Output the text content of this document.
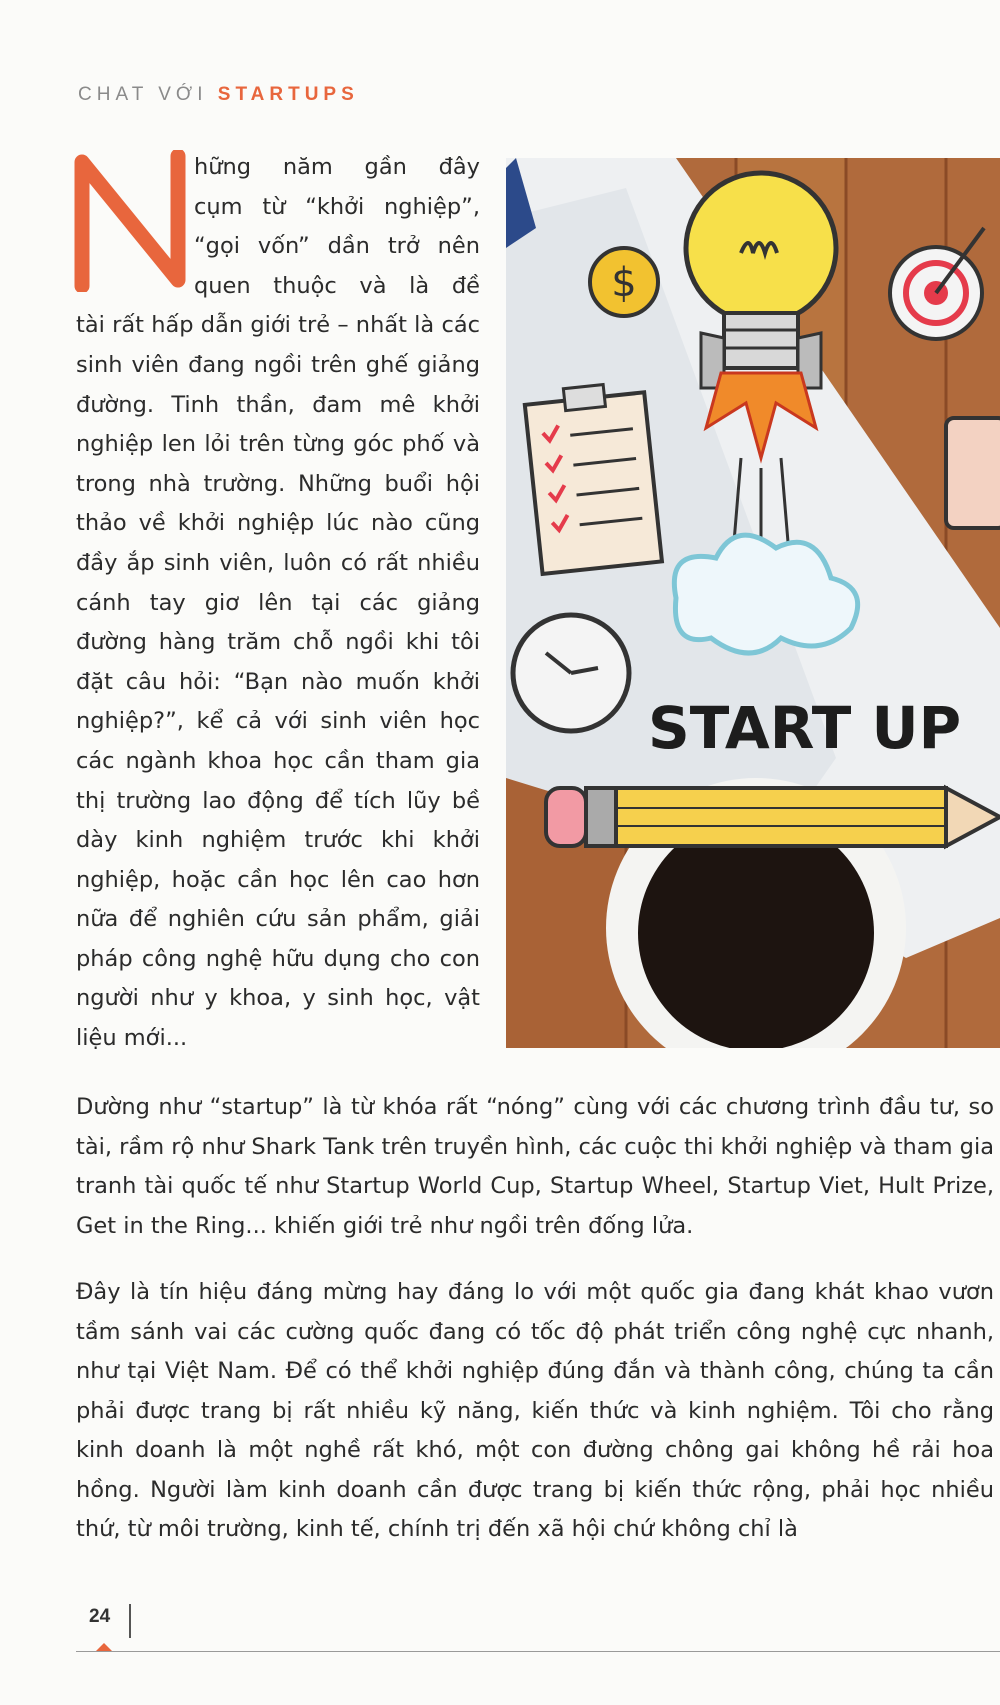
CHAT VỚI STARTUPS
N
hững năm gần đây
cụm từ “khởi nghiệp”,
“gọi vốn” dần trở nên
quen thuộc và là đề
tài rất hấp dẫn giới trẻ – nhất là các sinh viên đang ngồi trên ghế giảng đường. Tinh thần, đam mê khởi nghiệp len lỏi trên từng góc phố và trong nhà trường. Những buổi hội thảo về khởi nghiệp lúc nào cũng đầy ắp sinh viên, luôn có rất nhiều cánh tay giơ lên tại các giảng đường hàng trăm chỗ ngồi khi tôi đặt câu hỏi: “Bạn nào muốn khởi nghiệp?”, kể cả với sinh viên học các ngành khoa học cần tham gia thị trường lao động để tích lũy bề dày kinh nghiệm trước khi khởi nghiệp, hoặc cần học lên cao hơn nữa để nghiên cứu sản phẩm, giải pháp công nghệ hữu dụng cho con người như y khoa, y sinh học, vật liệu mới...
$
START UP

Dường như “startup” là từ khóa rất “nóng” cùng với các chương trình đầu tư, so tài, rầm rộ như Shark Tank trên truyền hình, các cuộc thi khởi nghiệp và tham gia tranh tài quốc tế như Startup World Cup, Startup Wheel, Startup Viet, Hult Prize, Get in the Ring... khiến giới trẻ như ngồi trên đống lửa.

Đây là tín hiệu đáng mừng hay đáng lo với một quốc gia đang khát khao vươn tầm sánh vai các cường quốc đang có tốc độ phát triển công nghệ cực nhanh, như tại Việt Nam. Để có thể khởi nghiệp đúng đắn và thành công, chúng ta cần phải được trang bị rất nhiều kỹ năng, kiến thức và kinh nghiệm. Tôi cho rằng kinh doanh là một nghề rất khó, một con đường chông gai không hề rải hoa hồng. Người làm kinh doanh cần được trang bị kiến thức rộng, phải học nhiều thứ, từ môi trường, kinh tế, chính trị đến xã hội chứ không chỉ là

24
